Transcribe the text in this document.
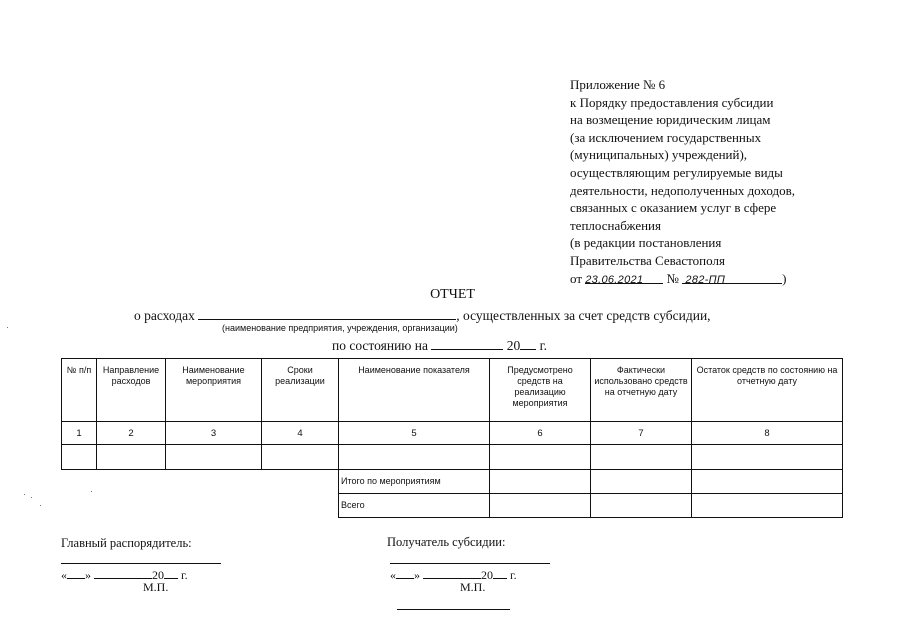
Приложение № 6
к Порядку предоставления субсидии
на возмещение юридическим лицам
(за исключением государственных
(муниципальных) учреждений),
осуществляющим регулируемые виды
деятельности, недополученных доходов,
связанных с оказанием услуг в сфере
теплоснабжения
(в редакции постановления
Правительства Севастополя
от 23.06.2021 № 282-ПП	)
ОТЧЕТ
о расходах	, осуществленных за счет средств субсидии,
(наименование предприятия, учреждения, организации)
по состоянию на	20 г.
№ п/п	Направление расходов	Наименование мероприятия	Сроки реализации	Наименование показателя	Предусмотрено средств на реализацию мероприятия	Фактически использовано средств на отчетную дату	Остаток средств по состоянию на отчетную дату
1	2	3	4	5	6	7	8

				Итого по мероприятиям			
				Всего			
Главный распорядитель:
« »	20 г.
М.П.
Получатель субсидии:
« »	20 г.
М.П.
